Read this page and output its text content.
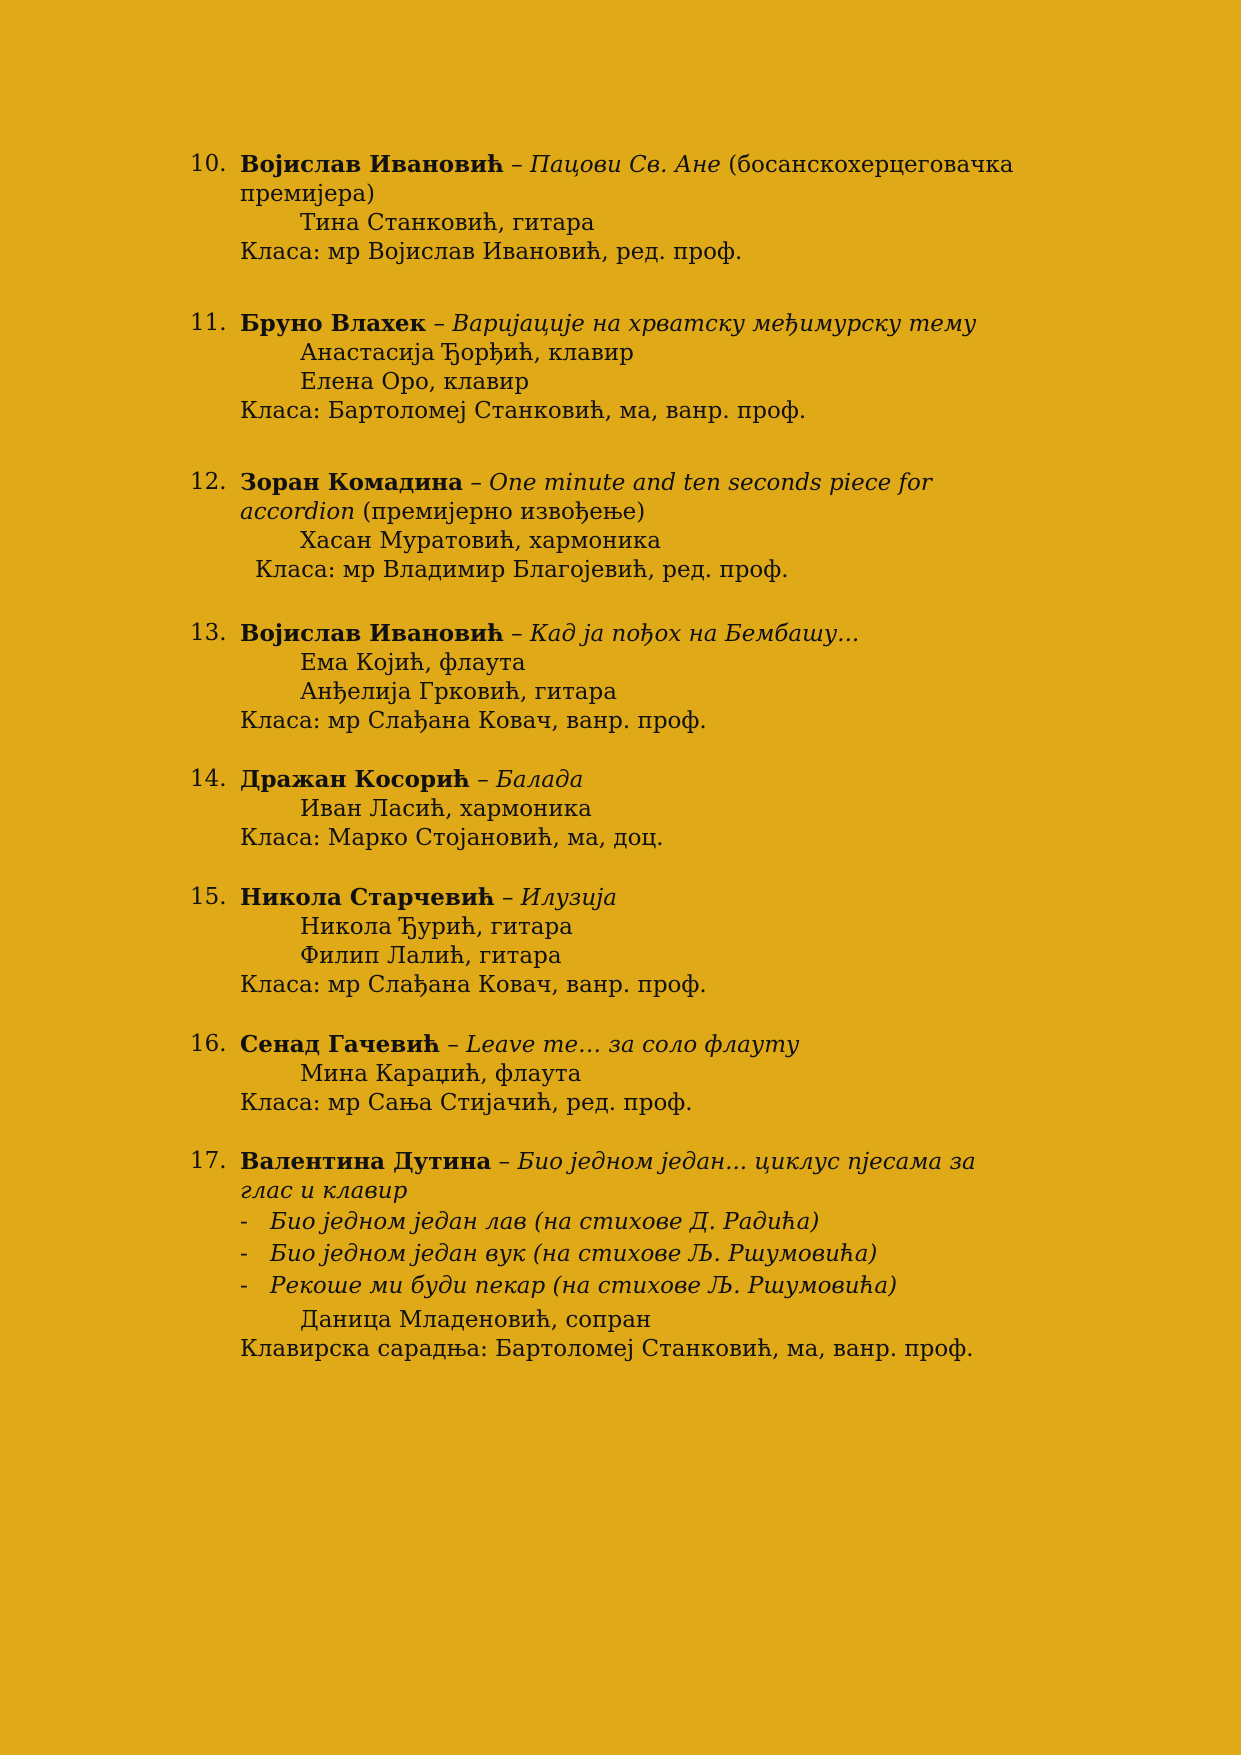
10. Војислав Ивановић – Пацови Св. Ане (босанскохерцеговачка премијера)
Тина Станковић, гитара
Класа: мр Војислав Ивановић, ред. проф.
11. Бруно Влахек – Варијације на хрватску међимурску тему
Анастасија Ђорђић, клавир
Елена Оро, клавир
Класа: Бартоломеј Станковић, ма, ванр. проф.
12. Зоран Комадина – One minute and ten seconds piece for accordion (премијерно извођење)
Хасан Муратовић, хармоника
Класа: мр Владимир Благојевић, ред. проф.
13. Војислав Ивановић – Кад ја пођох на Бембашу...
Ема Којић, флаута
Анђелија Грковић, гитара
Класа: мр Слађана Ковач, ванр. проф.
14. Дражан Косорић – Балада
Иван Ласић, хармоника
Класа: Марко Стојановић, ма, доц.
15. Никола Старчевић – Илузија
Никола Ђурић, гитара
Филип Лалић, гитара
Класа: мр Слађана Ковач, ванр. проф.
16. Сенад Гачевић – Leave me… за соло флауту
Мина Караџић, флаута
Класа: мр Сања Стијачић, ред. проф.
17. Валентина Дутина – Био једном један... циклус пјесама за глас и клавир
- Био једном један лав (на стихове Д. Радића)
- Био једном један вук (на стихове Љ. Ршумовића)
- Рекоше ми буди пекар (на стихове Љ. Ршумовића)
Даница Младеновић, сопран
Клавирска сарадња: Бартоломеј Станковић, ма, ванр. проф.
